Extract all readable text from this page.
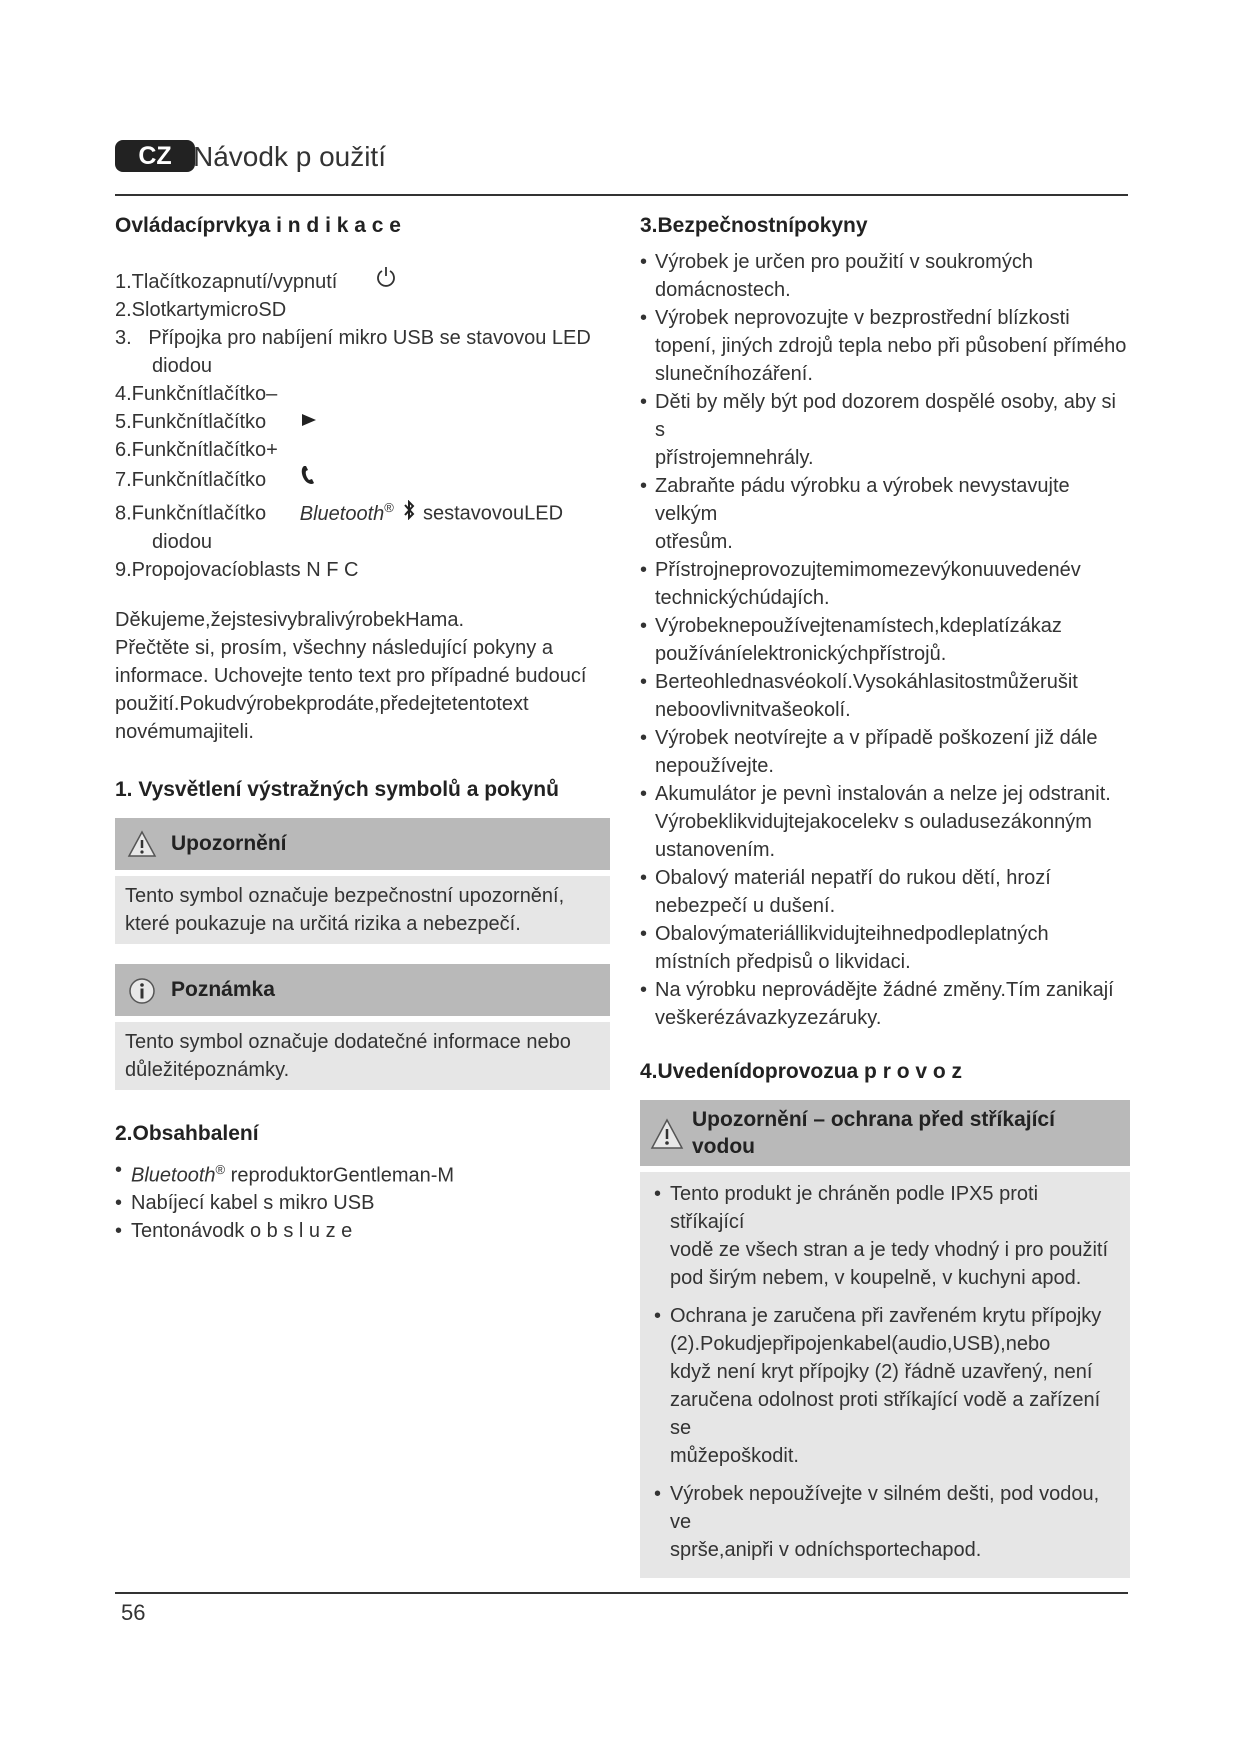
CZ Návodk p oužití
Ovládacíprvkya i n d i k a c e
1.Tlačítkozapnutí/vypnutí
2.SlotkartymicroSD
3.   Přípojka pro nabíjení mikro USB se stavovou LED
diodou
4.Funkčnítlačítko–
5.Funkčnítlačítko
6.Funkčnítlačítko+
7.Funkčnítlačítko
8.Funkčnítlačítko Bluetooth® sestavovouLED
diodou
9.Propojovacíoblasts N F C

Děkujeme,žejstesivybralivýrobekHama.

Přečtěte si, prosím, všechny následující pokyny a

informace. Uchovejte tento text pro případné budoucí

použití.Pokudvýrobekprodáte,předejtetentotext

novémumajiteli.

1. Vysvětlení výstražných symbolů a pokynů
Upozornění

Tento symbol označuje bezpečnostní upozornění,

které poukazuje na určitá rizika a nebezpečí.

Poznámka

Tento symbol označuje dodatečné informace nebo

důležitépoznámky.

2.Obsahbalení
• Bluetooth® reproduktorGentleman-M
• Nabíjecí kabel s mikro USB
• Tentonávodk o b s l u z e
3.Bezpečnostnípokyny
• Výrobek je určen pro použití v soukromých
domácnostech.
• Výrobek neprovozujte v bezprostřední blízkosti
topení, jiných zdrojů tepla nebo při působení přímého
slunečníhozáření.
• Děti by měly být pod dozorem dospělé osoby, aby si s
přístrojemnehrály.
• Zabraňte pádu výrobku a výrobek nevystavujte velkým
otřesům.
• Přístrojneprovozujtemimomezevýkonuuvedenév
technickýchúdajích.
• Výrobeknepoužívejtenamístech,kdeplatízákaz
používáníelektronickýchpřístrojů.
• Berteohlednasvéokolí.Vysokáhlasitostmůžerušit
neboovlivnitvašeokolí.
• Výrobek neotvírejte a v případě poškození již dále
nepoužívejte.
• Akumulátor je pevnì instalován a nelze jej odstranit.
Výrobeklikvidujtejakocelekv s ouladusezákonným
ustanovením.
• Obalový materiál nepatří do rukou dětí, hrozí
nebezpečí u dušení.
• Obalovýmateriállikvidujteihnedpodleplatných
místních předpisů o likvidaci.
• Na výrobku neprovádějte žádné změny.Tím zanikají
veškerézávazkyzezáruky.
4.Uvedenídoprovozua p r o v o z
Upozornění – ochrana před stříkající
vodou
• Tento produkt je chráněn podle IPX5 proti stříkající
vodě ze všech stran a je tedy vhodný i pro použití
pod širým nebem, v koupelně, v kuchyni apod.
• Ochrana je zaručena při zavřeném krytu přípojky
(2).Pokudjepřipojenkabel(audio,USB),nebo
když není kryt přípojky (2) řádně uzavřený, není
zaručena odolnost proti stříkající vodě a zařízení se
můžepoškodit.
• Výrobek nepoužívejte v silném dešti, pod vodou, ve
sprše,anipři v odníchsportechapod.
56
